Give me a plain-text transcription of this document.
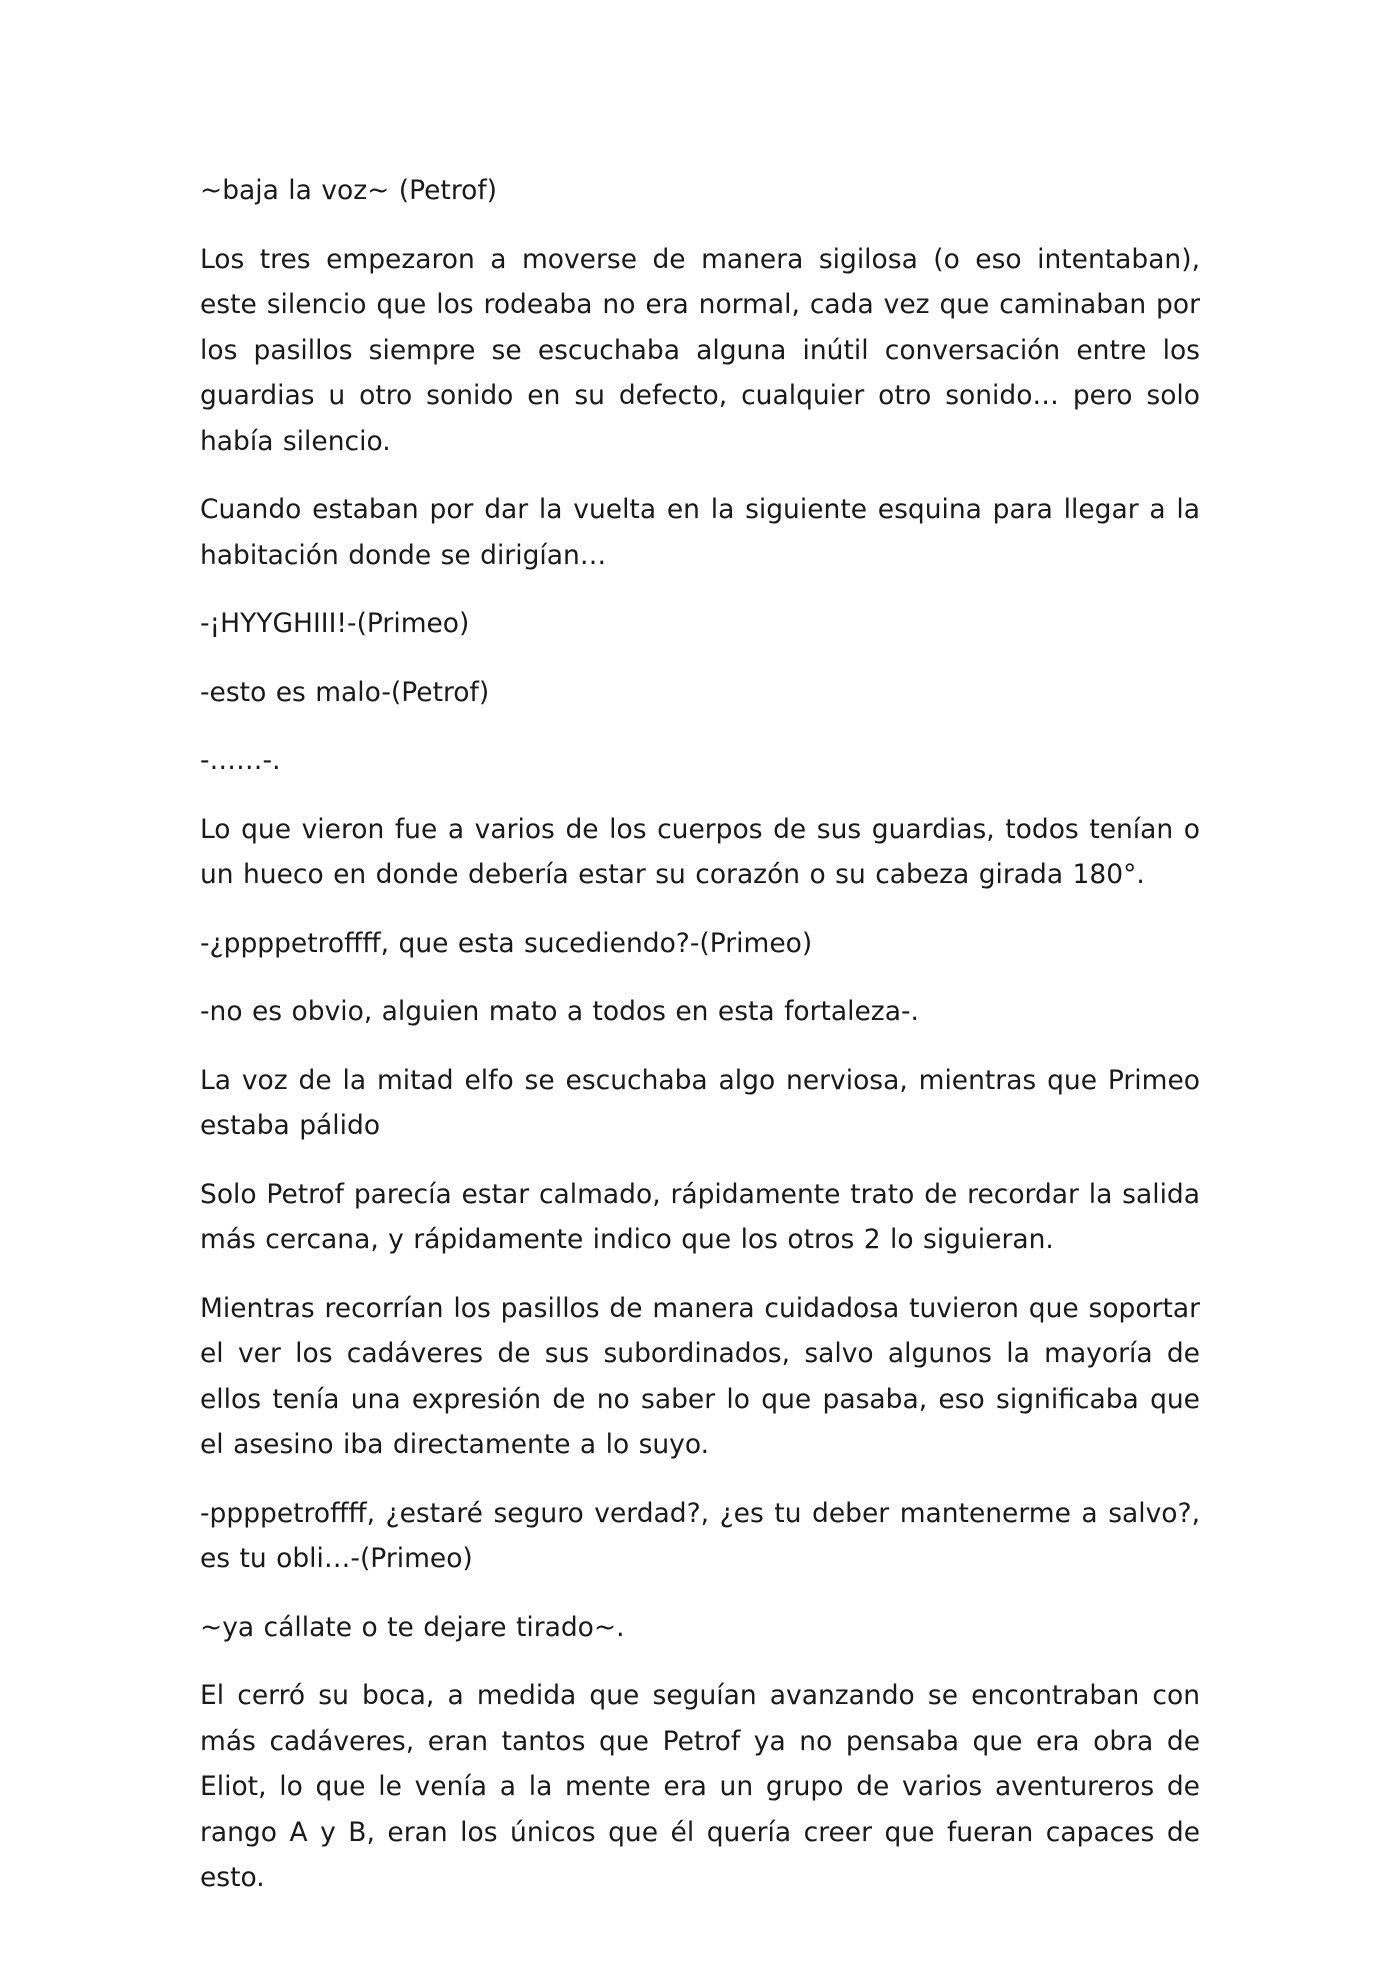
~baja la voz~ (Petrof)

Los tres empezaron a moverse de manera sigilosa (o eso intentaban), este silencio que los rodeaba no era normal, cada vez que caminaban por los pasillos siempre se escuchaba alguna inútil conversación entre los guardias u otro sonido en su defecto, cualquier otro sonido… pero solo había silencio.

Cuando estaban por dar la vuelta en la siguiente esquina para llegar a la habitación donde se dirigían…

-¡HYYGHIII!-(Primeo)

-esto es malo-(Petrof)

-……-.

Lo que vieron fue a varios de los cuerpos de sus guardias, todos tenían o un hueco en donde debería estar su corazón o su cabeza girada 180°.

-¿ppppetroffff, que esta sucediendo?-(Primeo)

-no es obvio, alguien mato a todos en esta fortaleza-.

La voz de la mitad elfo se escuchaba algo nerviosa, mientras que Primeo estaba pálido

Solo Petrof parecía estar calmado, rápidamente trato de recordar la salida más cercana, y rápidamente indico que los otros 2 lo siguieran.

Mientras recorrían los pasillos de manera cuidadosa tuvieron que soportar el ver los cadáveres de sus subordinados, salvo algunos la mayoría de ellos tenía una expresión de no saber lo que pasaba, eso significaba que el asesino iba directamente a lo suyo.

-ppppetroffff, ¿estaré seguro verdad?, ¿es tu deber mantenerme a salvo?, es tu obli…-(Primeo)

~ya cállate o te dejare tirado~.

El cerró su boca, a medida que seguían avanzando se encontraban con más cadáveres, eran tantos que Petrof ya no pensaba que era obra de Eliot, lo que le venía a la mente era un grupo de varios aventureros de rango A y B, eran los únicos que él quería creer que fueran capaces de esto.
